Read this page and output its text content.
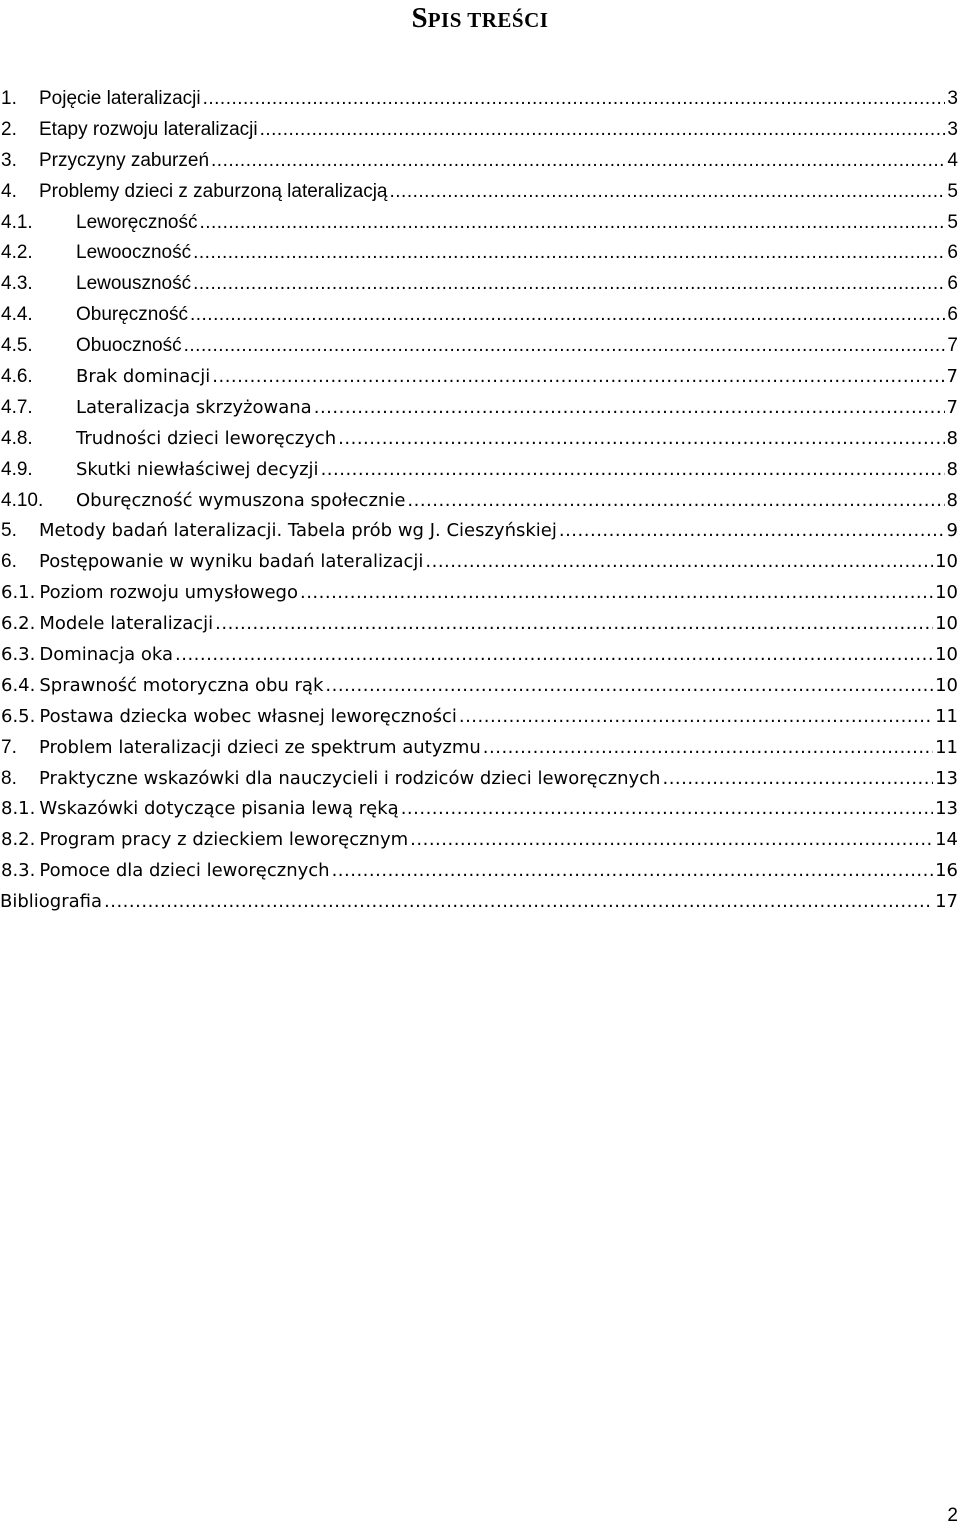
SPIS TREŚCI
1.	Pojęcie lateralizacji .....	3
2.	Etapy rozwoju lateralizacji .....	3
3.	Przyczyny zaburzeń .....	4
4.	Problemy dzieci z zaburzoną lateralizacją .....	5
4.1.	Leworęczność .....	5
4.2.	Lewooczność .....	6
4.3.	Lewouszność .....	6
4.4.	Oburęczność .....	6
4.5.	Obuoczność .....	7
4.6.	Brak dominacji .....	7
4.7.	Lateralizacja skrzyżowana .....	7
4.8.	Trudności dzieci leworęczych .....	8
4.9.	Skutki niewłaściwej decyzji .....	8
4.10.	Oburęczność wymuszona społecznie .....	8
5.	Metody badań lateralizacji. Tabela prób wg J. Cieszyńskiej .....	9
6.	Postępowanie w wyniku badań lateralizacji .....	10
6.1. Poziom rozwoju umysłowego .....	10
6.2. Modele lateralizacji .....	10
6.3. Dominacja oka .....	10
6.4. Sprawność motoryczna obu rąk .....	10
6.5. Postawa dziecka wobec własnej leworęczności .....	11
7.	Problem lateralizacji dzieci ze spektrum autyzmu .....	11
8.	Praktyczne wskazówki dla nauczycieli i rodziców dzieci leworęcznych .....	13
8.1. Wskazówki dotyczące pisania lewą ręką .....	13
8.2. Program pracy z dzieckiem leworęcznym .....	14
8.3. Pomoce dla dzieci leworęcznych .....	16
Bibliografia .....	17
2
